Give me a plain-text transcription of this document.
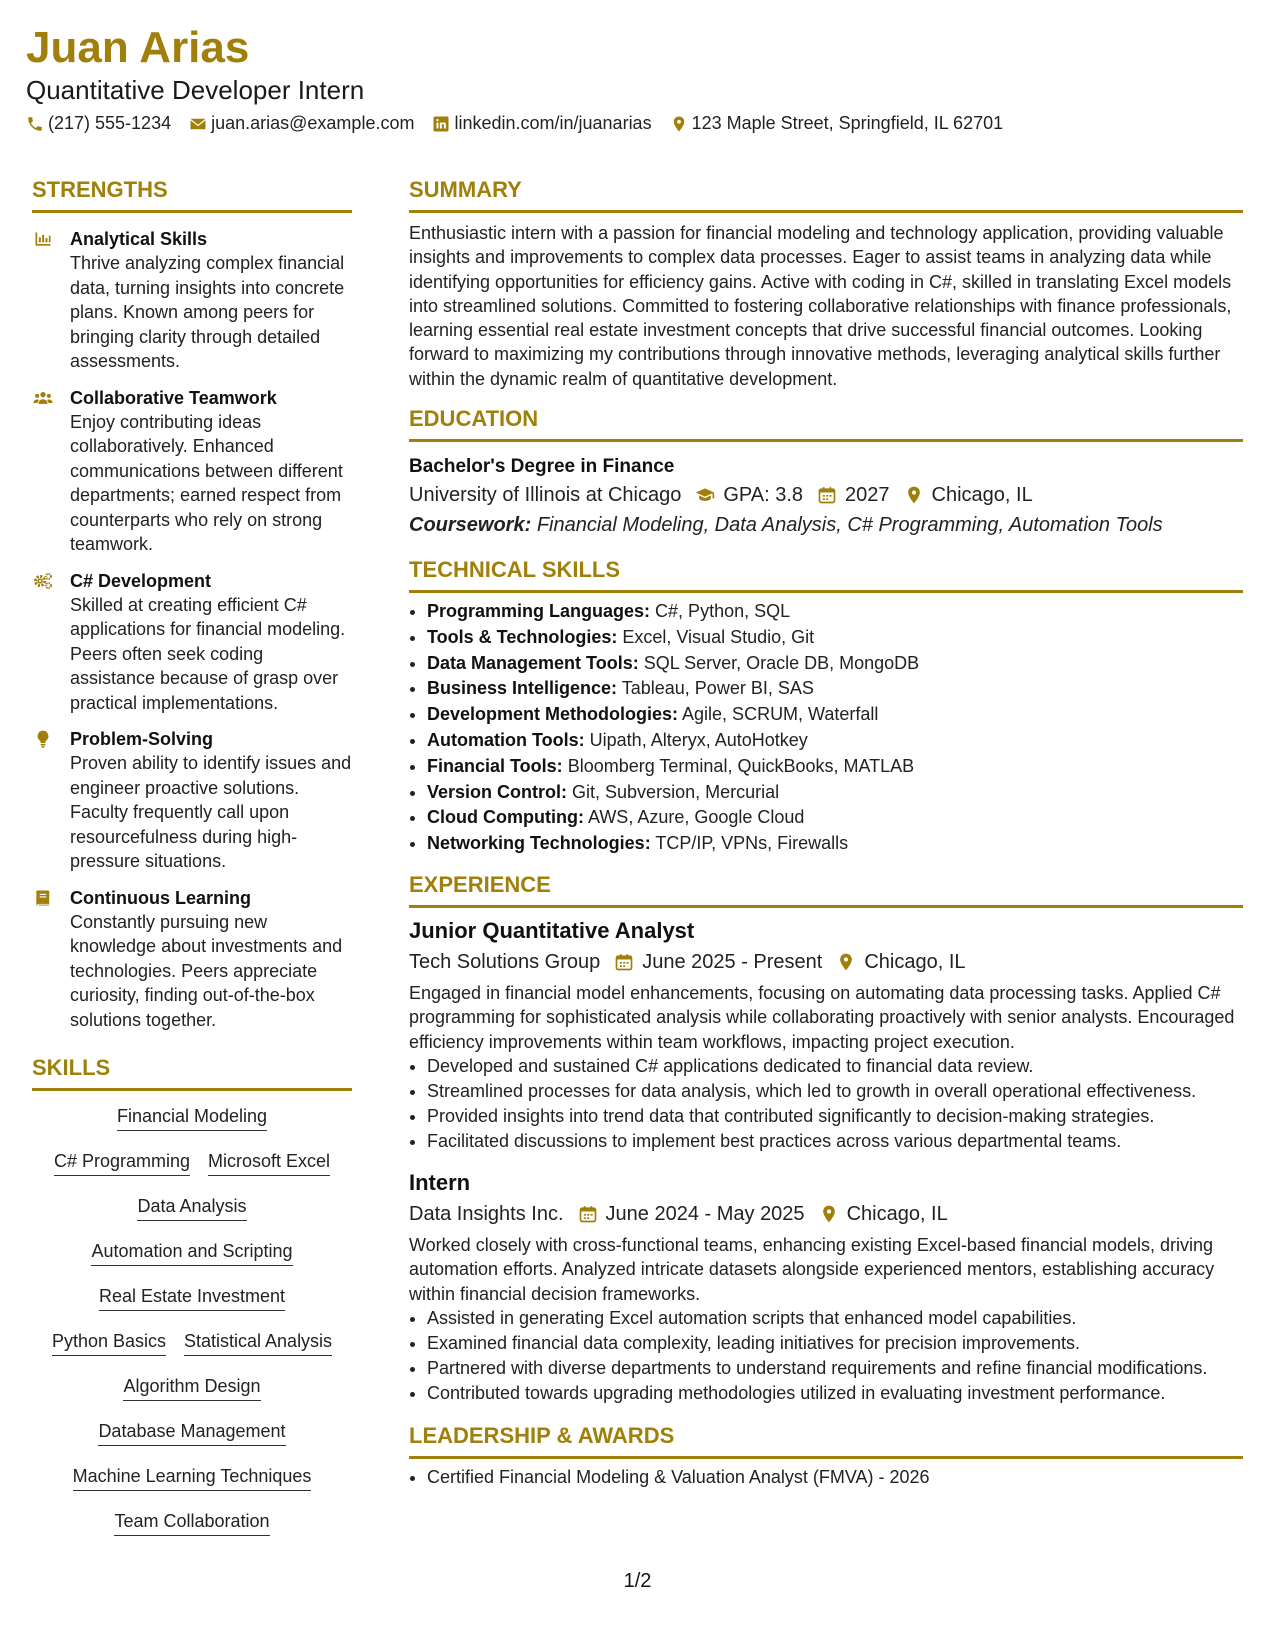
Juan Arias
Quantitative Developer Intern
(217) 555-1234 juan.arias@example.com linkedin.com/in/juanarias 123 Maple Street, Springfield, IL 62701
STRENGTHS
Analytical Skills
Thrive analyzing complex financial data, turning insights into concrete plans. Known among peers for bringing clarity through detailed assessments.
Collaborative Teamwork
Enjoy contributing ideas collaboratively. Enhanced communications between different departments; earned respect from counterparts who rely on strong teamwork.
C# Development
Skilled at creating efficient C# applications for financial modeling. Peers often seek coding assistance because of grasp over practical implementations.
Problem-Solving
Proven ability to identify issues and engineer proactive solutions. Faculty frequently call upon resourcefulness during high-pressure situations.
Continuous Learning
Constantly pursuing new knowledge about investments and technologies. Peers appreciate curiosity, finding out-of-the-box solutions together.
SKILLS
Financial Modeling
C# Programming Microsoft Excel
Data Analysis
Automation and Scripting
Real Estate Investment
Python Basics Statistical Analysis
Algorithm Design
Database Management
Machine Learning Techniques
Team Collaboration
SUMMARY

Enthusiastic intern with a passion for financial modeling and technology application, providing valuable insights and improvements to complex data processes. Eager to assist teams in analyzing data while identifying opportunities for efficiency gains. Active with coding in C#, skilled in translating Excel models into streamlined solutions. Committed to fostering collaborative relationships with finance professionals, learning essential real estate investment concepts that drive successful financial outcomes. Looking forward to maximizing my contributions through innovative methods, leveraging analytical skills further within the dynamic realm of quantitative development.

EDUCATION
Bachelor's Degree in Finance
University of Illinois at Chicago GPA: 3.8 2027 Chicago, IL
Coursework: Financial Modeling, Data Analysis, C# Programming, Automation Tools
TECHNICAL SKILLS
• Programming Languages: C#, Python, SQL
• Tools & Technologies: Excel, Visual Studio, Git
• Data Management Tools: SQL Server, Oracle DB, MongoDB
• Business Intelligence: Tableau, Power BI, SAS
• Development Methodologies: Agile, SCRUM, Waterfall
• Automation Tools: Uipath, Alteryx, AutoHotkey
• Financial Tools: Bloomberg Terminal, QuickBooks, MATLAB
• Version Control: Git, Subversion, Mercurial
• Cloud Computing: AWS, Azure, Google Cloud
• Networking Technologies: TCP/IP, VPNs, Firewalls
EXPERIENCE
Junior Quantitative Analyst
Tech Solutions Group June 2025 - Present Chicago, IL

Engaged in financial model enhancements, focusing on automating data processing tasks. Applied C# programming for sophisticated analysis while collaborating proactively with senior analysts. Encouraged efficiency improvements within team workflows, impacting project execution.

• Developed and sustained C# applications dedicated to financial data review.
• Streamlined processes for data analysis, which led to growth in overall operational effectiveness.
• Provided insights into trend data that contributed significantly to decision-making strategies.
• Facilitated discussions to implement best practices across various departmental teams.
Intern
Data Insights Inc. June 2024 - May 2025 Chicago, IL

Worked closely with cross-functional teams, enhancing existing Excel-based financial models, driving automation efforts. Analyzed intricate datasets alongside experienced mentors, establishing accuracy within financial decision frameworks.

• Assisted in generating Excel automation scripts that enhanced model capabilities.
• Examined financial data complexity, leading initiatives for precision improvements.
• Partnered with diverse departments to understand requirements and refine financial modifications.
• Contributed towards upgrading methodologies utilized in evaluating investment performance.
LEADERSHIP & AWARDS
• Certified Financial Modeling & Valuation Analyst (FMVA) - 2026
1/2
